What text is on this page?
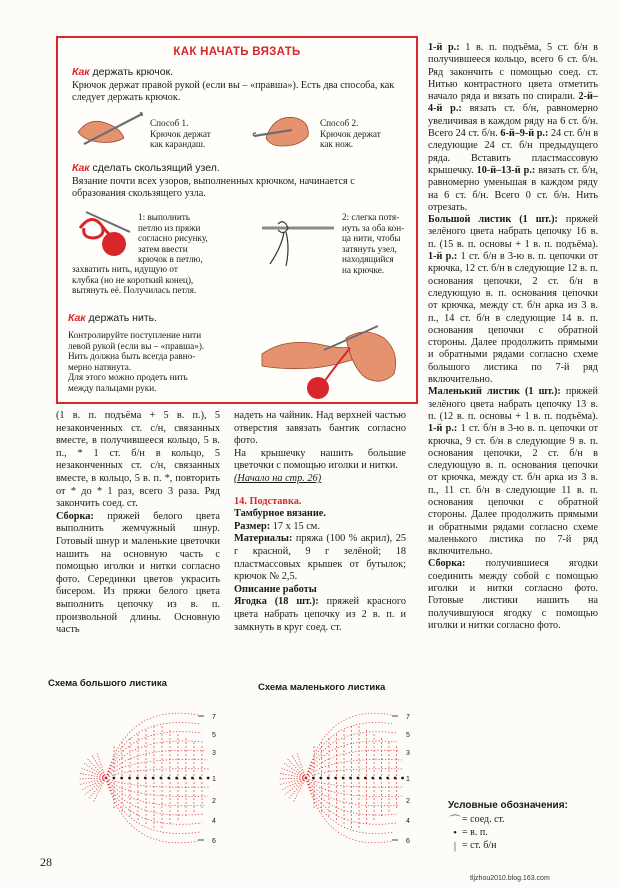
КАК НАЧАТЬ ВЯЗАТЬ
Как держать крючок.
Крючок держат правой рукой (если вы – «правша»). Есть два способа, как следует держать крючок.
Способ 1.
Крючок держат
как карандаш.
Способ 2.
Крючок держат
как нож.
Как сделать скользящий узел.
Вязание почти всех узоров, выполненных крючком, начинается с образования скользящего узла.
1: выполнить
петлю из пряжи
согласно рисунку,
затем ввести
крючок в петлю,
захватить нить, идущую от
клубка (но не короткий конец),
вытянуть её. Получилась петля.
2: слегка потя-
нуть за оба кон-
ца нити, чтобы
затянуть узел,
находящийся
на крючке.
Как держать нить.
Контролируйте поступление нити
левой рукой (если вы – «правша»).
Нить должна быть всегда равно-
мерно натянута.
Для этого можно продеть нить
между пальцами руки.

(1 в. п. подъёма + 5 в. п.), 5 незаконченных ст. с/н, связанных вместе, в получившееся кольцо, 5 в. п., * 1 ст. б/н в кольцо, 5 незаконченных ст. с/н, связанных вместе, в кольцо, 5 в. п. *, повторить от * до * 1 раз, всего 3 раза. Ряд закончить соед. ст.

Сборка: пряжей белого цвета выполнить жемчужный шнур. Готовый шнур и маленькие цветочки нашить на основную часть с помощью иголки и нитки согласно фото. Серединки цветов украсить бисером. Из пряжи белого цвета выполнить цепочку из в. п. произвольной длины. Основную часть

надеть на чайник. Над верхней частью отверстия завязать бантик согласно фото.

На крышечку нашить большие цветочки с помощью иголки и нитки.

(Начало на стр. 26)

14. Подставка.

Тамбурное вязание.

Размер: 17 х 15 см.

Материалы: пряжа (100 % акрил), 25 г красной, 9 г зелёной; 18 пластмассовых крышек от бутылок; крючок № 2,5.

Описание работы

Ягодка (18 шт.): пряжей красного цвета набрать цепочку из 2 в. п. и замкнуть в круг соед. ст.

1-й р.: 1 в. п. подъёма, 5 ст. б/н в получившееся кольцо, всего 6 ст. б/н. Ряд закончить с помощью соед. ст. Нитью контрастного цвета отметить начало ряда и вязать по спирали. 2-й–4-й р.: вязать ст. б/н, равномерно увеличивая в каждом ряду на 6 ст. б/н. Всего 24 ст. б/н. 6-й–9-й р.: 24 ст. б/н в следующие 24 ст. б/н предыдущего ряда. Вставить пластмассовую крышечку. 10-й–13-й р.: вязать ст. б/н, равномерно уменьшая в каждом ряду на 6 ст. б/н. Всего 0 ст. б/н. Нить отрезать.

Большой листик (1 шт.): пряжей зелёного цвета набрать цепочку 16 в. п. (15 в. п. основы + 1 в. п. подъёма). 1-й р.: 1 ст. б/н в 3-ю в. п. цепочки от крючка, 12 ст. б/н в следующие 12 в. п. основания цепочки, 2 ст. б/н в следующую в. п. основания цепочки от крючка, между ст. б/н арка из 3 в. п., 14 ст. б/н в следующие 14 в. п. основания цепочки с обратной стороны. Далее продолжить прямыми и обратными рядами согласно схеме большого листика по 7-й ряд включительно.

Маленький листик (1 шт.): пряжей зелёного цвета набрать цепочку 13 в. п. (12 в. п. основы + 1 в. п. подъёма). 1-й р.: 1 ст. б/н в 3-ю в. п. цепочки от крючка, 9 ст. б/н в следующие 9 в. п. основания цепочки, 2 ст. б/н в следующую в. п. основания цепочки от крючка, между ст. б/н арка из 3 в. п., 11 ст. б/н в следующие 11 в. п. основания цепочки с обратной стороны. Далее продолжить прямыми и обратными рядами согласно схеме маленького листика по 7-й ряд включительно.

Сборка: получившиеся ягодки соединить между собой с помощью иголки и нитки согласно фото. Готовые листики нашить на получившуюся ягодку с помощью иголки и нитки согласно фото.

Схема большого листика	Схема маленького листика
7
5
3
1
2
4
6
7
5
3
1
2
4
6
Условные обозначения:
⌒ = соед. ст.
• = в. п.
| = ст. б/н
28
tljzhou2010.blog.163.com
